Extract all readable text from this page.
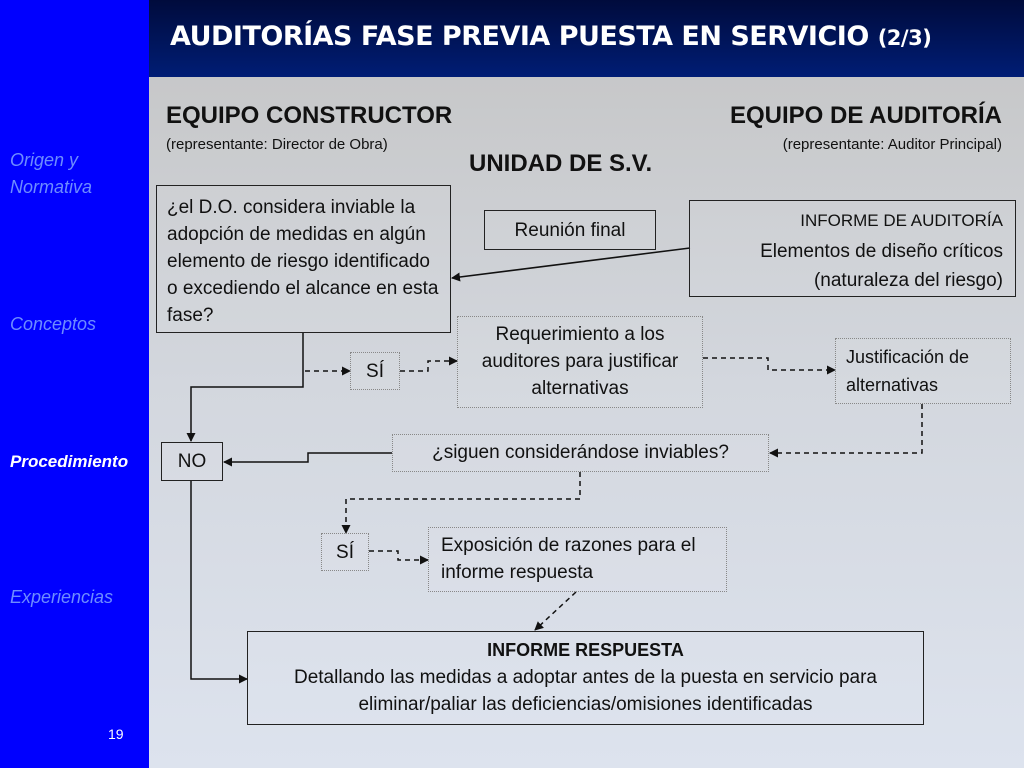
Origen y Normativa
Conceptos
Procedimiento
Experiencias
19
AUDITORÍAS FASE PREVIA PUESTA EN SERVICIO (2/3)
EQUIPO CONSTRUCTOR
(representante: Director de Obra)
EQUIPO DE AUDITORÍA
(representante: Auditor Principal)
UNIDAD DE S.V.
¿el D.O. considera inviable la adopción de medidas en algún elemento de riesgo identificado o excediendo el alcance en esta fase?
Reunión final	INFORME DE AUDITORÍA
Elementos de diseño críticos (naturaleza del riesgo)
SÍ
Requerimiento a los auditores para justificar alternativas
Justificación de alternativas
NO	¿siguen considerándose inviables?
SÍ	Exposición de razones para el informe respuesta
INFORME RESPUESTA
Detallando las medidas a adoptar antes de la puesta en servicio para eliminar/paliar las deficiencias/omisiones identificadas
